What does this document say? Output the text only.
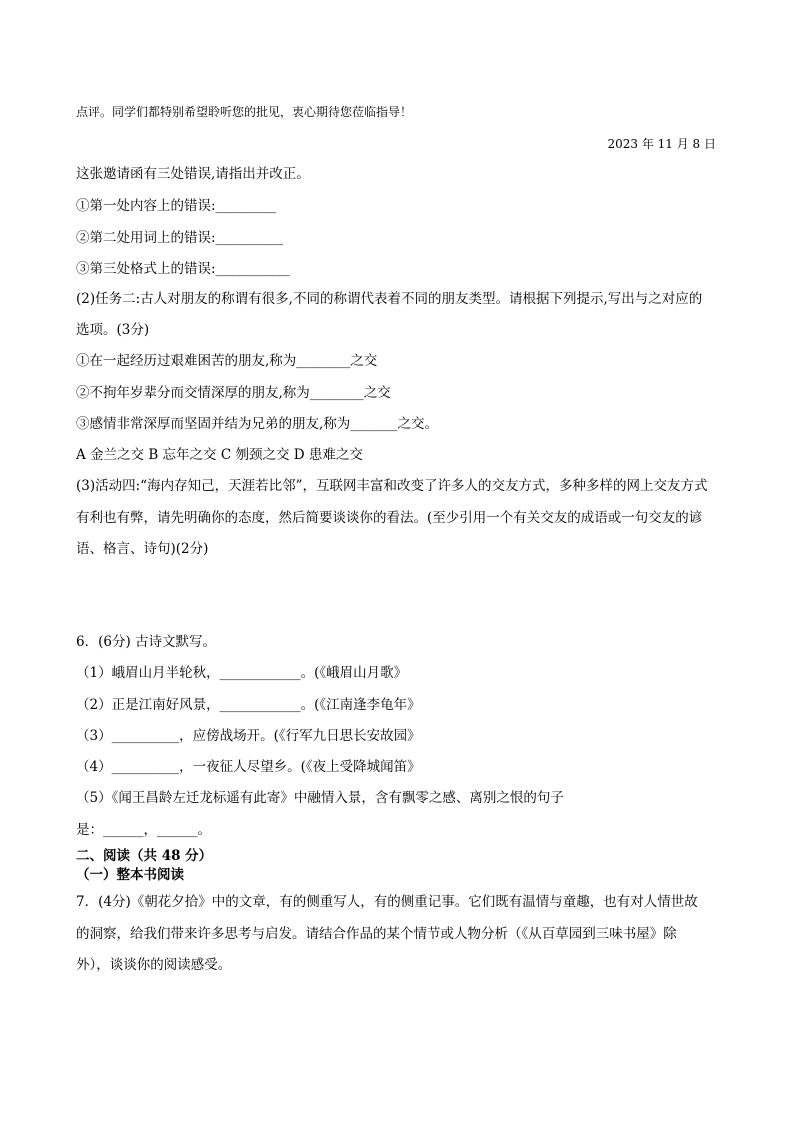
点评。同学们都特别希望聆听您的批见，衷心期待您莅临指导！
2023 年 11 月 8 日
这张邀请函有三处错误,请指出并改正。
①第一处内容上的错误:_________
②第二处用词上的错误:__________
③第三处格式上的错误:___________
(2)任务二:古人对朋友的称谓有很多,不同的称谓代表着不同的朋友类型。请根据下列提示,写出与之对应的
选项。(3分)
①在一起经历过艰难困苦的朋友,称为________之交
②不拘年岁辈分而交情深厚的朋友,称为________之交
③感情非常深厚而坚固并结为兄弟的朋友,称为_______之交。
A 金兰之交 B 忘年之交 C 刎颈之交 D 患难之交
(3)活动四:“海内存知己，天涯若比邻”，互联网丰富和改变了许多人的交友方式，多种多样的网上交友方式
有利也有弊，请先明确你的态度，然后简要谈谈你的看法。(至少引用一个有关交友的成语或一句交友的谚
语、格言、诗句)(2分)
6．(6分) 古诗文默写。
（1）峨眉山月半轮秋，____________。(《峨眉山月歌》
（2）正是江南好风景，____________。(《江南逢李龟年》
（3）__________，应傍战场开。(《行军九日思长安故园》
（4）__________，一夜征人尽望乡。(《夜上受降城闻笛》
（5）《闻王昌龄左迁龙标遥有此寄》中融情入景，含有飘零之感、离别之恨的句子
是：______，______。
二、阅读（共 48 分）
（一）整本书阅读
7．(4分)《朝花夕拾》中的文章，有的侧重写人，有的侧重记事。它们既有温情与童趣，也有对人情世故
的洞察，给我们带来许多思考与启发。请结合作品的某个情节或人物分析（《从百草园到三味书屋》除
外），谈谈你的阅读感受。
